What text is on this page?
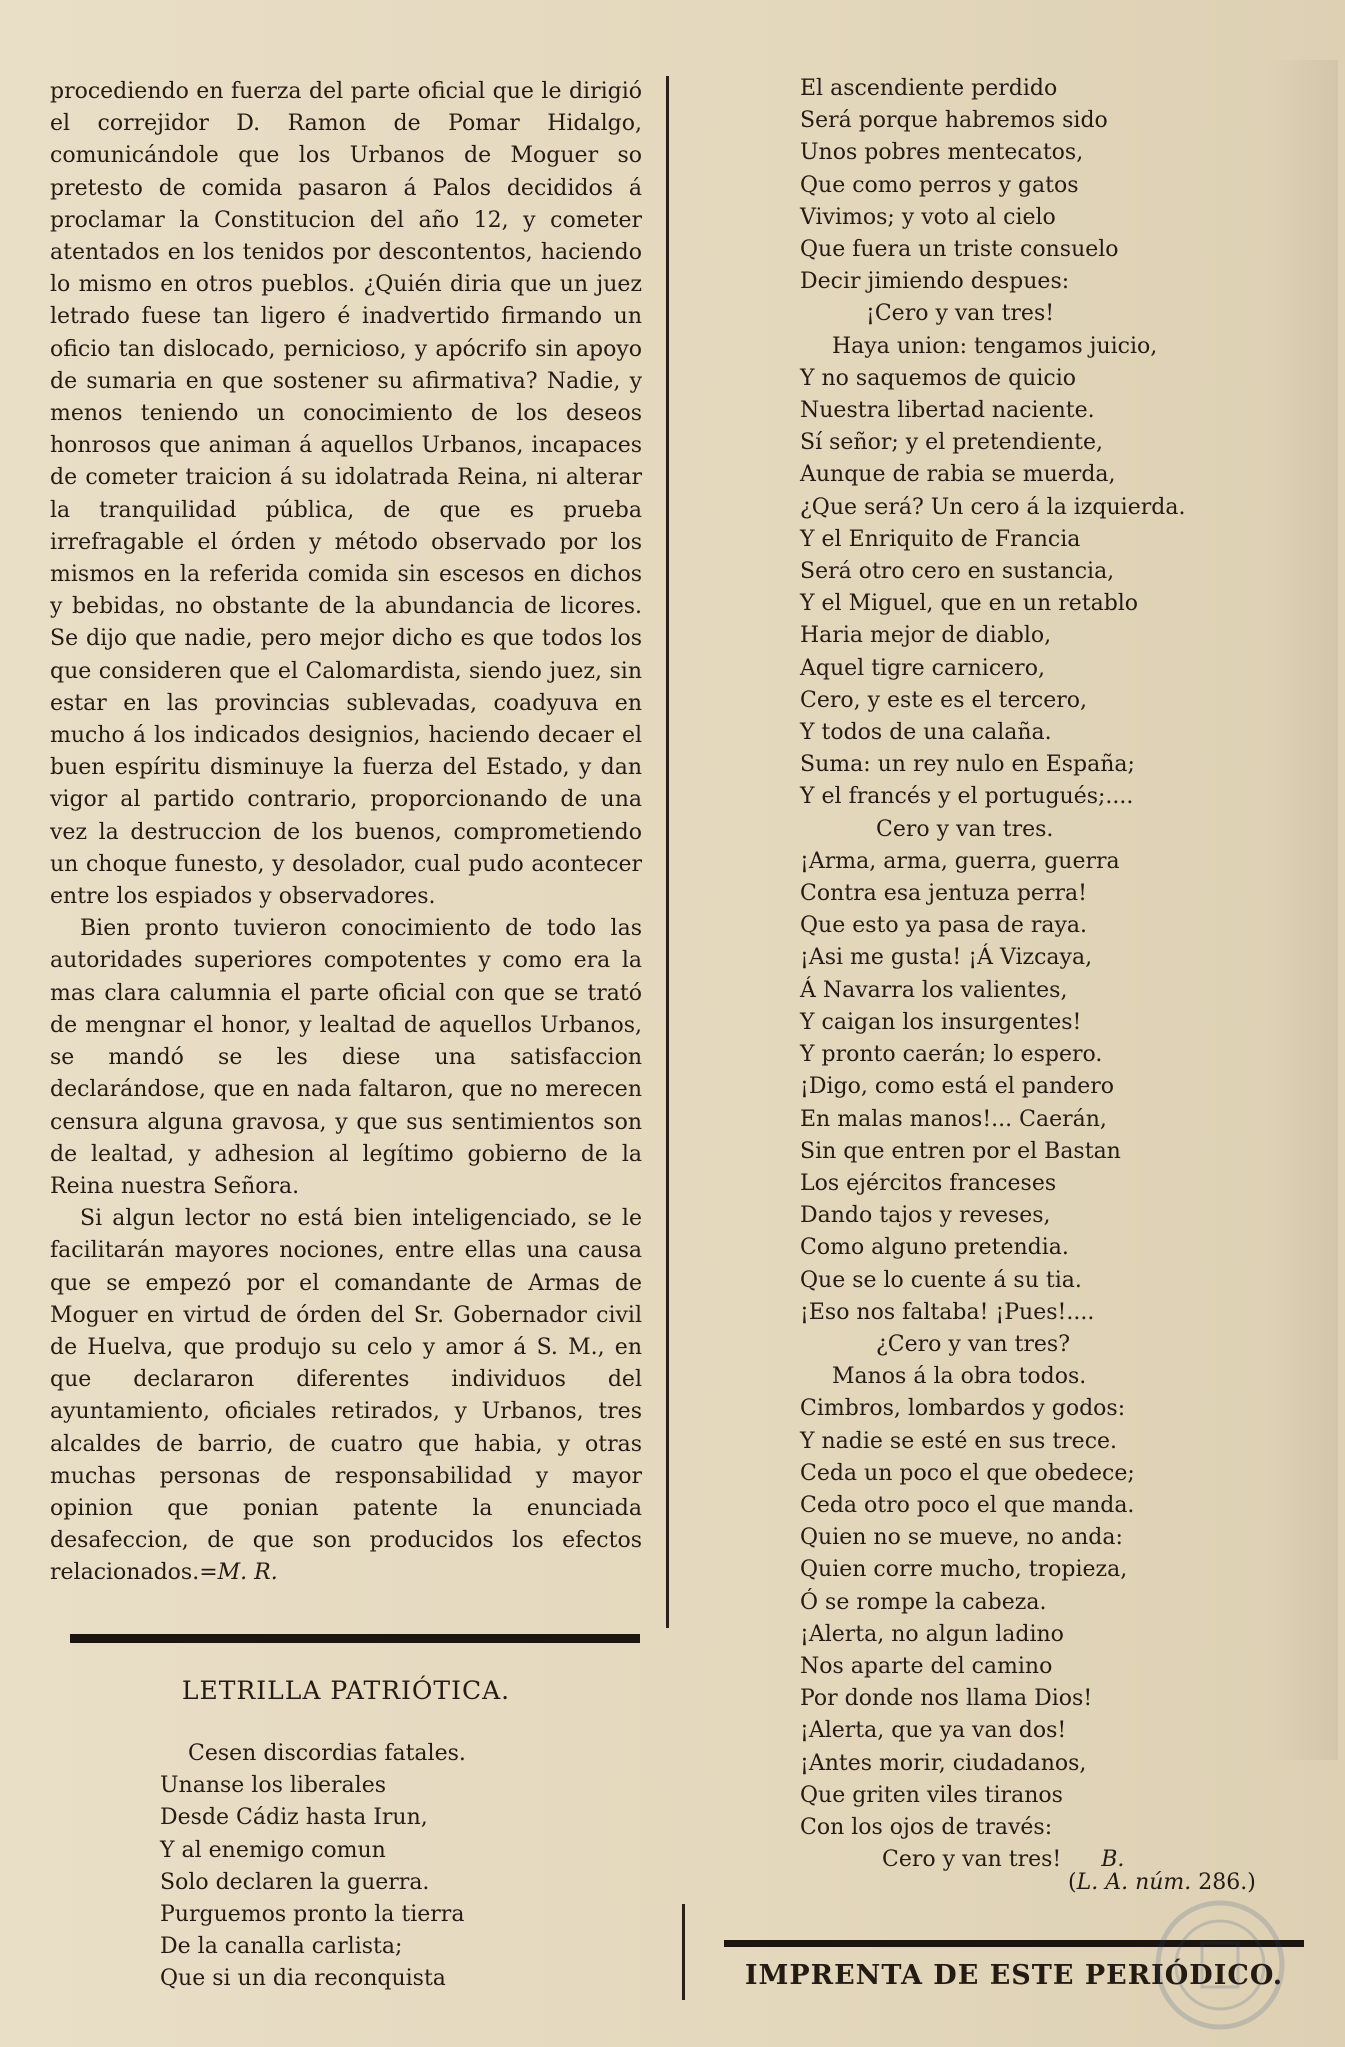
procediendo en fuerza del parte oficial que le dirigió el correjidor D. Ramon de Pomar Hidalgo, comunicándole que los Urbanos de Moguer so pretesto de comida pasaron á Palos decididos á proclamar la Constitucion del año 12, y cometer atentados en los tenidos por descontentos, haciendo lo mismo en otros pueblos. ¿Quién diria que un juez letrado fuese tan ligero é inadvertido firmando un oficio tan dislocado, pernicioso, y apócrifo sin apoyo de sumaria en que sostener su afirmativa? Nadie, y menos teniendo un conocimiento de los deseos honrosos que animan á aquellos Urbanos, incapaces de cometer traicion á su idolatrada Reina, ni alterar la tranquilidad pública, de que es prueba irrefragable el órden y método observado por los mismos en la referida comida sin escesos en dichos y bebidas, no obstante de la abundancia de licores. Se dijo que nadie, pero mejor dicho es que todos los que consideren que el Calomardista, siendo juez, sin estar en las provincias sublevadas, coadyuva en mucho á los indicados designios, haciendo decaer el buen espíritu disminuye la fuerza del Estado, y dan vigor al partido contrario, proporcionando de una vez la destruccion de los buenos, comprometiendo un choque funesto, y desolador, cual pudo acontecer entre los espiados y observadores.

Bien pronto tuvieron conocimiento de todo las autoridades superiores compotentes y como era la mas clara calumnia el parte oficial con que se trató de mengnar el honor, y lealtad de aquellos Urbanos, se mandó se les diese una satisfaccion declarándose, que en nada faltaron, que no merecen censura alguna gravosa, y que sus sentimientos son de lealtad, y adhesion al legítimo gobierno de la Reina nuestra Señora.

Si algun lector no está bien inteligenciado, se le facilitarán mayores nociones, entre ellas una causa que se empezó por el comandante de Armas de Moguer en virtud de órden del Sr. Gobernador civil de Huelva, que produjo su celo y amor á S. M., en que declararon diferentes individuos del ayuntamiento, oficiales retirados, y Urbanos, tres alcaldes de barrio, de cuatro que habia, y otras muchas personas de responsabilidad y mayor opinion que ponian patente la enunciada desafeccion, de que son producidos los efectos relacionados.=M. R.

LETRILLA PATRIÓTICA.
Cesen discordias fatales.
Unanse los liberales
Desde Cádiz hasta Irun,
Y al enemigo comun
Solo declaren la guerra.
Purguemos pronto la tierra
De la canalla carlista;
Que si un dia reconquista
El ascendiente perdido
Será porque habremos sido
Unos pobres mentecatos,
Que como perros y gatos
Vivimos; y voto al cielo
Que fuera un triste consuelo
Decir jimiendo despues:
¡Cero y van tres!
Haya union: tengamos juicio,
Y no saquemos de quicio
Nuestra libertad naciente.
Sí señor; y el pretendiente,
Aunque de rabia se muerda,
¿Que será? Un cero á la izquierda.
Y el Enriquito de Francia
Será otro cero en sustancia,
Y el Miguel, que en un retablo
Haria mejor de diablo,
Aquel tigre carnicero,
Cero, y este es el tercero,
Y todos de una calaña.
Suma: un rey nulo en España;
Y el francés y el portugués;....
Cero y van tres.
¡Arma, arma, guerra, guerra
Contra esa jentuza perra!
Que esto ya pasa de raya.
¡Asi me gusta! ¡Á Vizcaya,
Á Navarra los valientes,
Y caigan los insurgentes!
Y pronto caerán; lo espero.
¡Digo, como está el pandero
En malas manos!... Caerán,
Sin que entren por el Bastan
Los ejércitos franceses
Dando tajos y reveses,
Como alguno pretendia.
Que se lo cuente á su tia.
¡Eso nos faltaba! ¡Pues!....
¿Cero y van tres?
Manos á la obra todos.
Cimbros, lombardos y godos:
Y nadie se esté en sus trece.
Ceda un poco el que obedece;
Ceda otro poco el que manda.
Quien no se mueve, no anda:
Quien corre mucho, tropieza,
Ó se rompe la cabeza.
¡Alerta, no algun ladino
Nos aparte del camino
Por donde nos llama Dios!
¡Alerta, que ya van dos!
¡Antes morir, ciudadanos,
Que griten viles tiranos
Con los ojos de través:
Cero y van tres! B.
(L. A. núm. 286.)
IMPRENTA DE ESTE PERIÓDICO.
